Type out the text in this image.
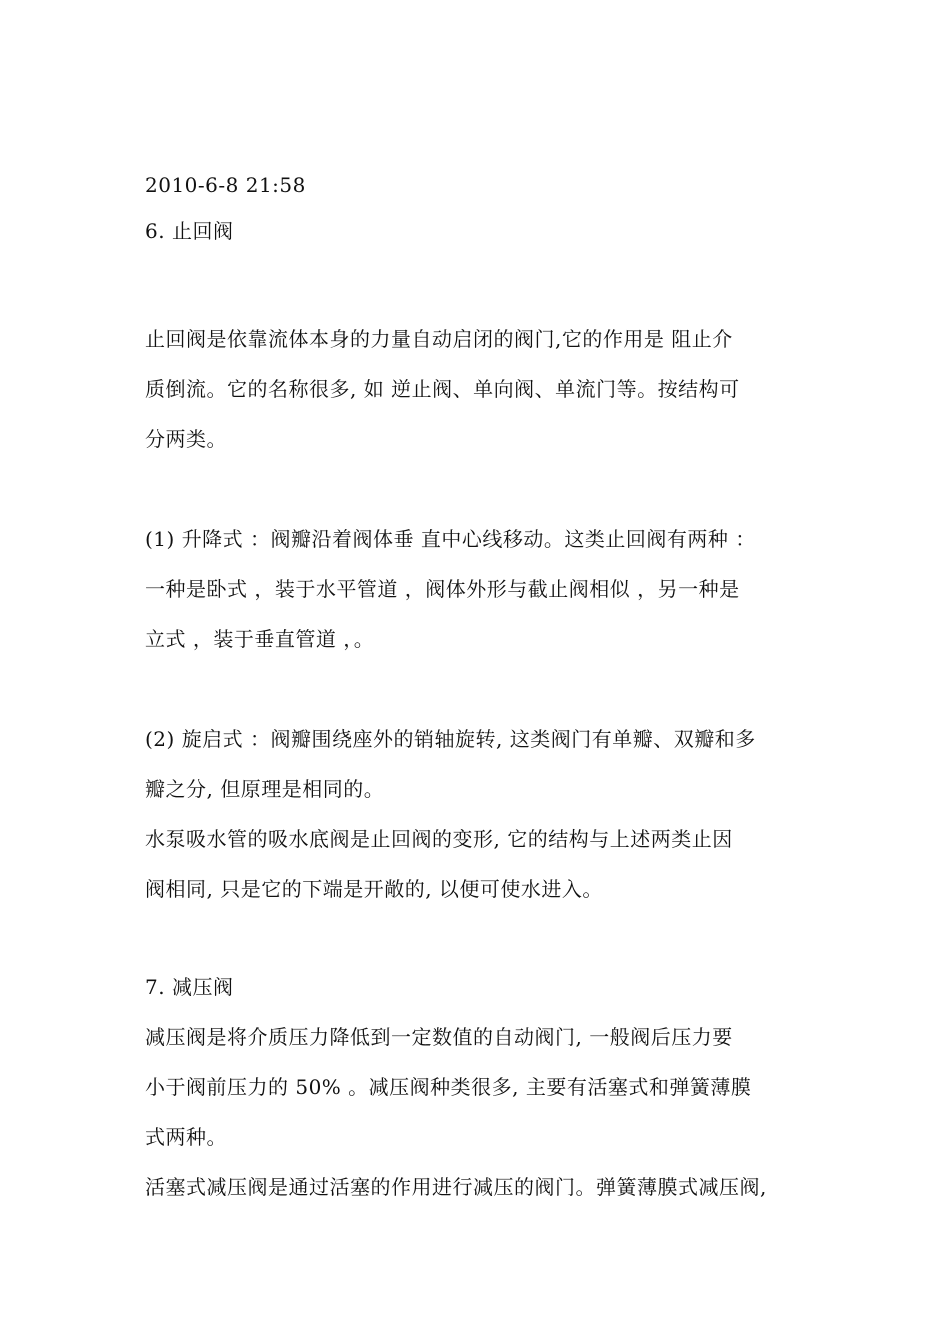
2010-6-8 21:58
6. 止回阀
止回阀是依靠流体本身的力量自动启闭的阀门,它的作用是 阻止介
质倒流。它的名称很多, 如 逆止阀、单向阀、单流门等。按结构可
分两类。
(1) 升降式 ：阀瓣沿着阀体垂 直中心线移动。这类止回阀有两种 ：
一种是卧式 ，装于水平管道 ，阀体外形与截止阀相似 ，另一种是
立式 ，装于垂直管道 ，。
(2) 旋启式 ：阀瓣围绕座外的销轴旋转, 这类阀门有单瓣、双瓣和多
瓣之分, 但原理是相同的。
水泵吸水管的吸水底阀是止回阀的变形, 它的结构与上述两类止因
阀相同, 只是它的下端是开敞的, 以便可使水进入。
7. 减压阀
减压阀是将介质压力降低到一定数值的自动阀门, 一般阀后压力要
小于阀前压力的 50% 。减压阀种类很多, 主要有活塞式和弹簧薄膜
式两种。
活塞式减压阀是通过活塞的作用进行减压的阀门。弹簧薄膜式减压阀,
